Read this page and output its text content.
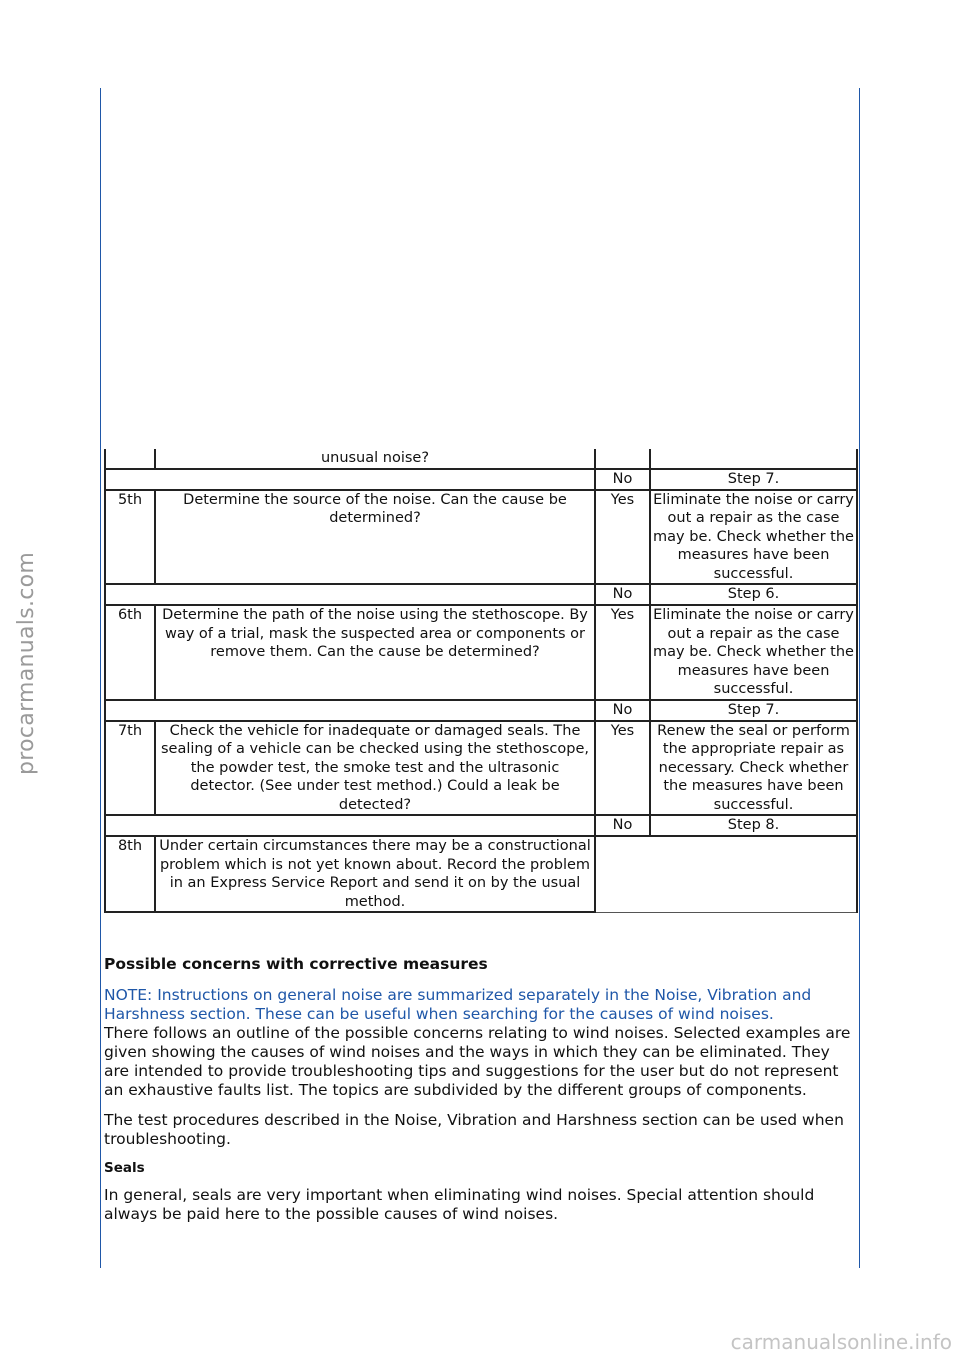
procarmanuals.com
carmanualsonline.info
	unusual noise?		
		No	Step 7.
5th	Determine the source of the noise. Can the cause be determined?	Yes	Eliminate the noise or carry out a repair as the case may be. Check whether the measures have been successful.
		No	Step 6.
6th	Determine the path of the noise using the stethoscope. By way of a trial, mask the suspected area or components or remove them. Can the cause be determined?	Yes	Eliminate the noise or carry out a repair as the case may be. Check whether the measures have been successful.
		No	Step 7.
7th	Check the vehicle for inadequate or damaged seals. The sealing of a vehicle can be checked using the stethoscope, the powder test, the smoke test and the ultrasonic detector. (See under test method.) Could a leak be detected?	Yes	Renew the seal or perform the appropriate repair as necessary. Check whether the measures have been successful.
		No	Step 8.
8th	Under certain circumstances there may be a constructional problem which is not yet known about. Record the problem in an Express Service Report and send it on by the usual method.		
Possible concerns with corrective measures

NOTE: Instructions on general noise are summarized separately in the Noise, Vibration and Harshness section. These can be useful when searching for the causes of wind noises.

There follows an outline of the possible concerns relating to wind noises. Selected examples are given showing the causes of wind noises and the ways in which they can be eliminated. They are intended to provide troubleshooting tips and suggestions for the user but do not represent an exhaustive faults list. The topics are subdivided by the different groups of components.

The test procedures described in the Noise, Vibration and Harshness section can be used when troubleshooting.

Seals

In general, seals are very important when eliminating wind noises. Special attention should always be paid here to the possible causes of wind noises.
